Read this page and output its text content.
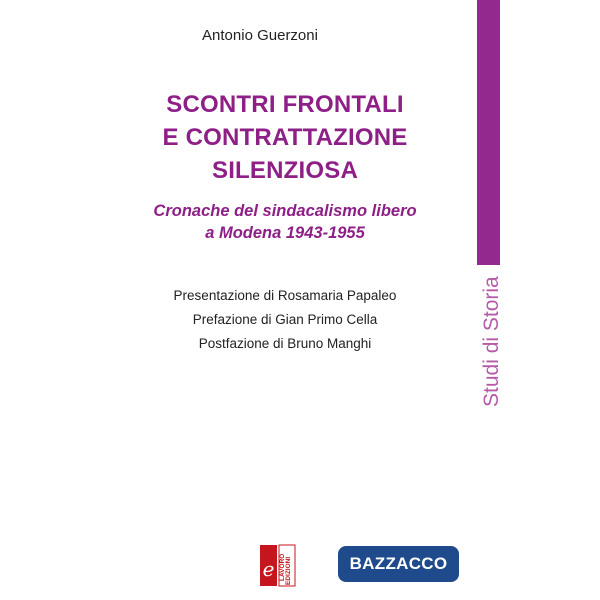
Antonio Guerzoni
SCONTRI FRONTALI
E CONTRATTAZIONE
SILENZIOSA
Cronache del sindacalismo libero
a Modena 1943-1955
Presentazione di Rosamaria Papaleo
Prefazione di Gian Primo Cella
Postfazione di Bruno Manghi	Studi di Storia
e EDIZIONI
LAVORO	BAZZACCO
